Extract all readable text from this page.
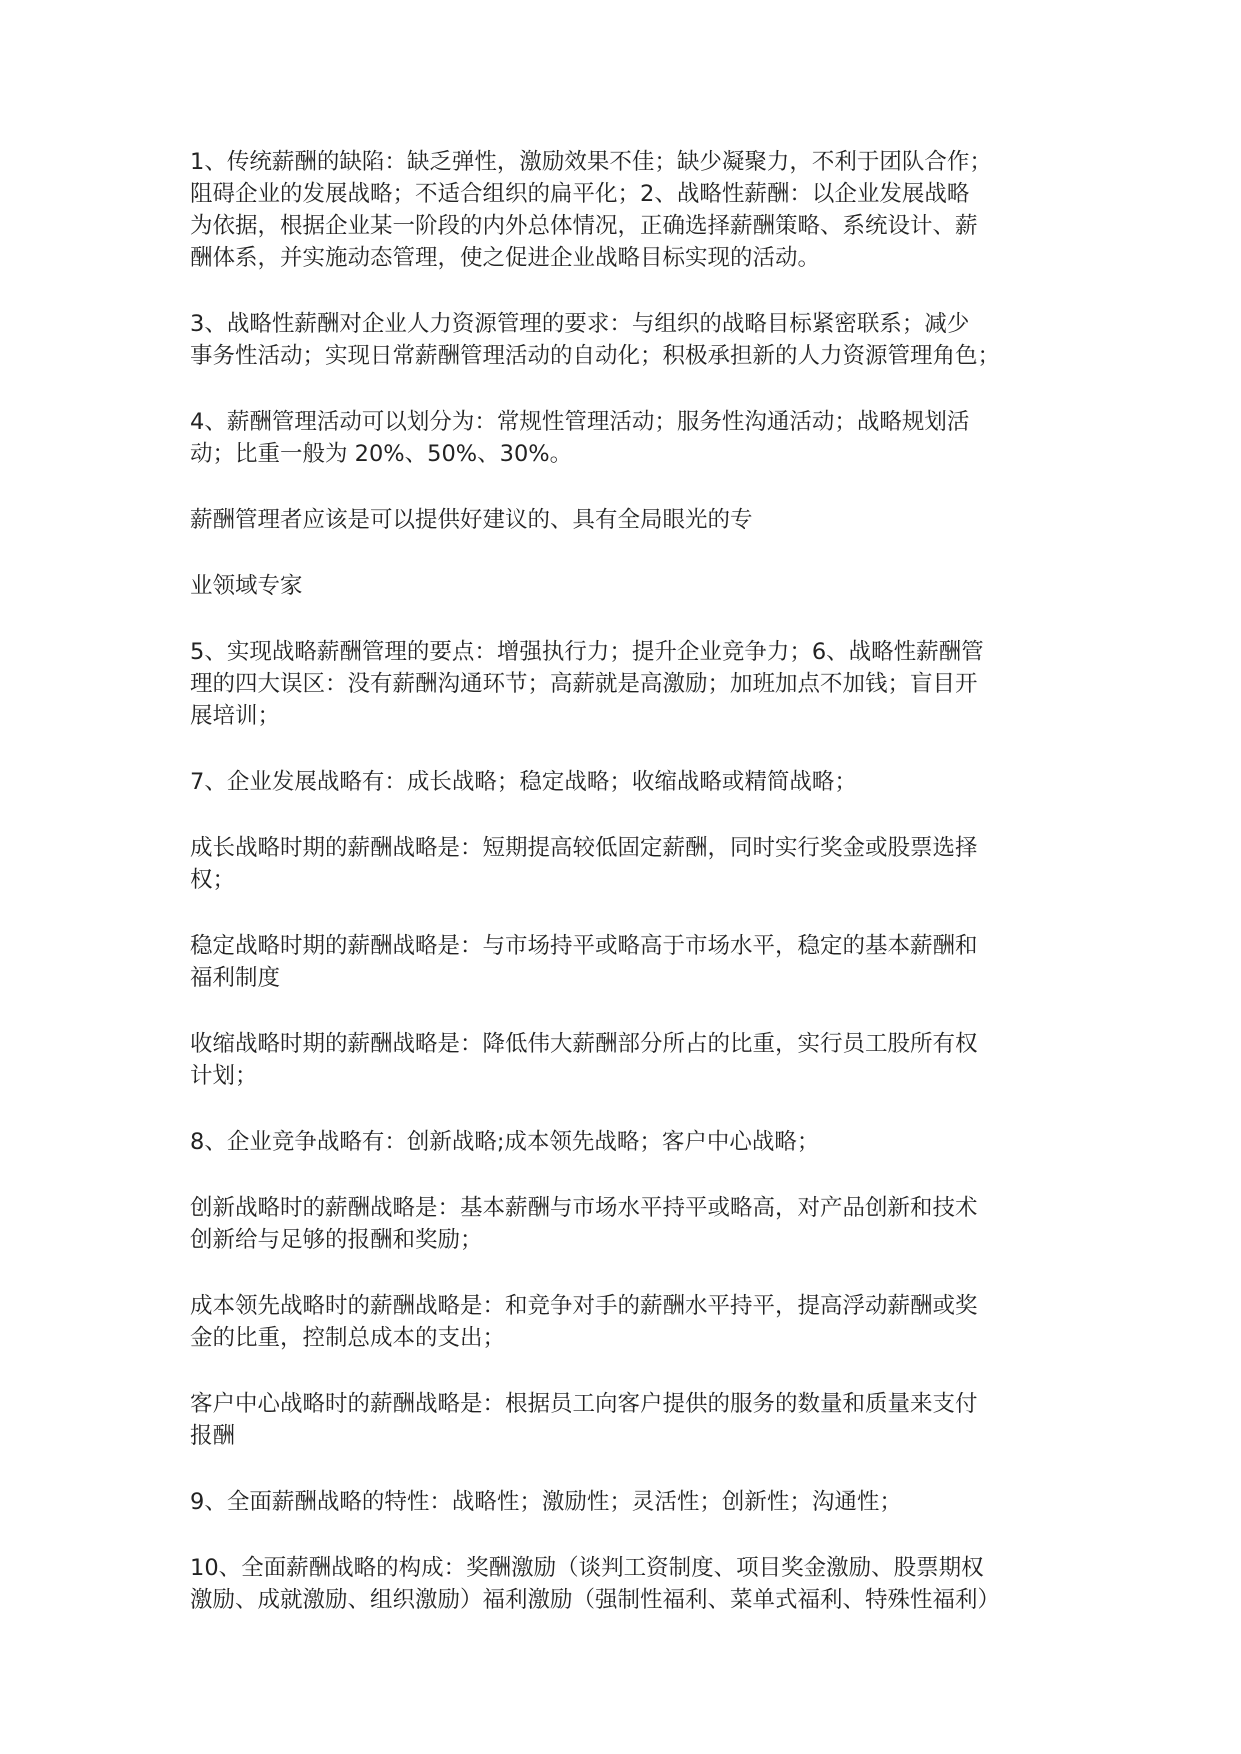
1、传统薪酬的缺陷：缺乏弹性，激励效果不佳；缺少凝聚力，不利于团队合作；
阻碍企业的发展战略；不适合组织的扁平化；2、战略性薪酬：以企业发展战略
为依据，根据企业某一阶段的内外总体情况，正确选择薪酬策略、系统设计、薪
酬体系，并实施动态管理，使之促进企业战略目标实现的活动。

3、战略性薪酬对企业人力资源管理的要求：与组织的战略目标紧密联系；减少
事务性活动；实现日常薪酬管理活动的自动化；积极承担新的人力资源管理角色；

4、薪酬管理活动可以划分为：常规性管理活动；服务性沟通活动；战略规划活
动；比重一般为 20%、50%、30%。

薪酬管理者应该是可以提供好建议的、具有全局眼光的专

业领域专家

5、实现战略薪酬管理的要点：增强执行力；提升企业竞争力；6、战略性薪酬管
理的四大误区：没有薪酬沟通环节；高薪就是高激励；加班加点不加钱；盲目开
展培训；

7、企业发展战略有：成长战略；稳定战略；收缩战略或精简战略；

成长战略时期的薪酬战略是：短期提高较低固定薪酬，同时实行奖金或股票选择
权；

稳定战略时期的薪酬战略是：与市场持平或略高于市场水平，稳定的基本薪酬和
福利制度

收缩战略时期的薪酬战略是：降低伟大薪酬部分所占的比重，实行员工股所有权
计划；

8、企业竞争战略有：创新战略;成本领先战略；客户中心战略；

创新战略时的薪酬战略是：基本薪酬与市场水平持平或略高，对产品创新和技术
创新给与足够的报酬和奖励；

成本领先战略时的薪酬战略是：和竞争对手的薪酬水平持平，提高浮动薪酬或奖
金的比重，控制总成本的支出；

客户中心战略时的薪酬战略是：根据员工向客户提供的服务的数量和质量来支付
报酬

9、全面薪酬战略的特性：战略性；激励性；灵活性；创新性；沟通性；

10、全面薪酬战略的构成：奖酬激励（谈判工资制度、项目奖金激励、股票期权
激励、成就激励、组织激励）福利激励（强制性福利、菜单式福利、特殊性福利）
